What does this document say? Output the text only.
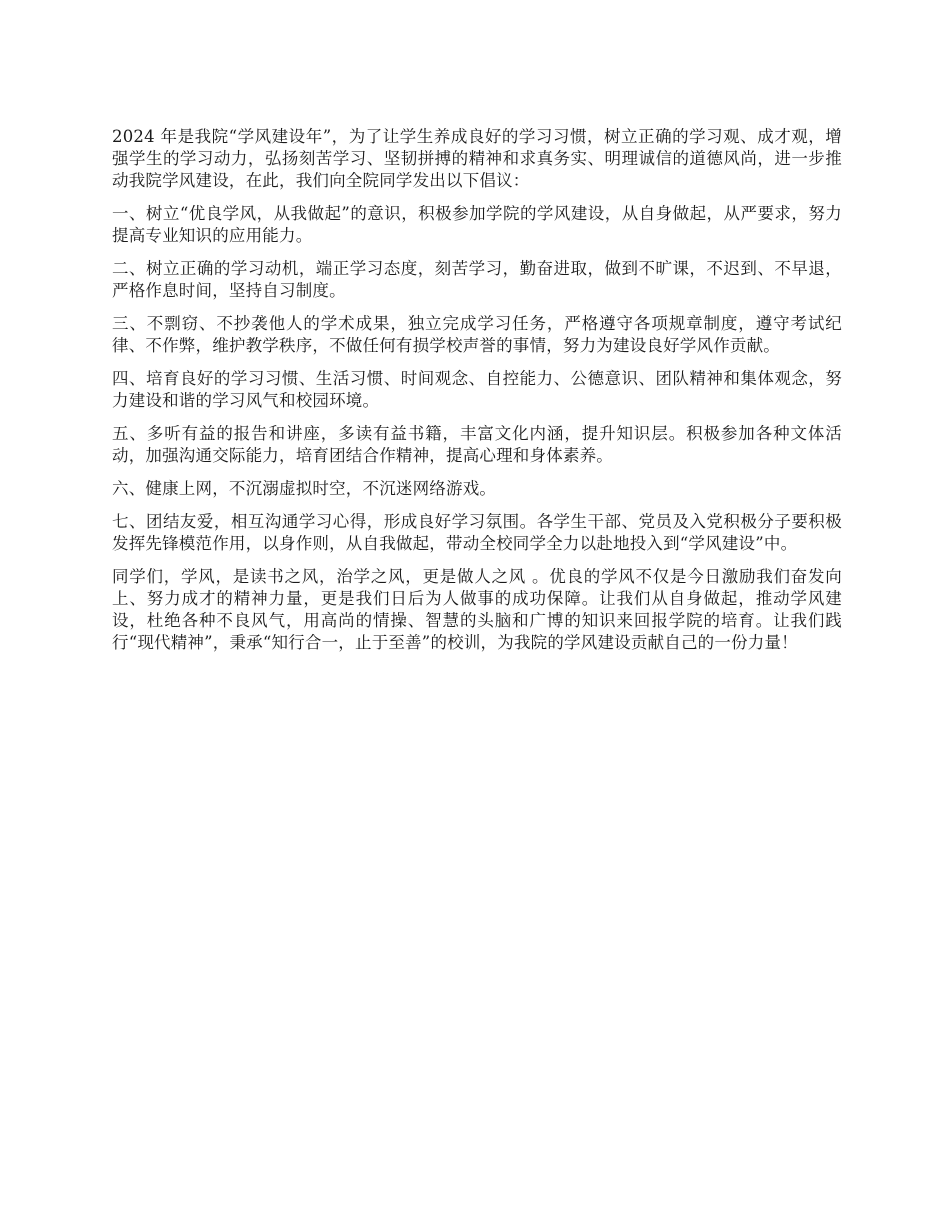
2024 年是我院“学风建设年”，为了让学生养成良好的学习习惯，树立正确的学习观、成才观，增强学生的学习动力，弘扬刻苦学习、坚韧拼搏的精神和求真务实、明理诚信的道德风尚，进一步推动我院学风建设，在此，我们向全院同学发出以下倡议：

一、树立“优良学风，从我做起”的意识，积极参加学院的学风建设，从自身做起，从严要求，努力提高专业知识的应用能力。

二、树立正确的学习动机，端正学习态度，刻苦学习，勤奋进取，做到不旷课，不迟到、不早退，严格作息时间，坚持自习制度。

三、不剽窃、不抄袭他人的学术成果，独立完成学习任务，严格遵守各项规章制度，遵守考试纪律、不作弊，维护教学秩序，不做任何有损学校声誉的事情，努力为建设良好学风作贡献。

四、培育良好的学习习惯、生活习惯、时间观念、自控能力、公德意识、团队精神和集体观念，努力建设和谐的学习风气和校园环境。

五、多听有益的报告和讲座，多读有益书籍，丰富文化内涵，提升知识层。积极参加各种文体活动，加强沟通交际能力，培育团结合作精神，提高心理和身体素养。

六、健康上网，不沉溺虚拟时空，不沉迷网络游戏。

七、团结友爱，相互沟通学习心得，形成良好学习氛围。各学生干部、党员及入党积极分子要积极发挥先锋模范作用，以身作则，从自我做起，带动全校同学全力以赴地投入到“学风建设”中。

同学们，学风，是读书之风，治学之风，更是做人之风 。优良的学风不仅是今日激励我们奋发向上、努力成才的精神力量，更是我们日后为人做事的成功保障。让我们从自身做起，推动学风建设，杜绝各种不良风气，用高尚的情操、智慧的头脑和广博的知识来回报学院的培育。让我们践行“现代精神”，秉承“知行合一，止于至善”的校训，为我院的学风建设贡献自己的一份力量！
